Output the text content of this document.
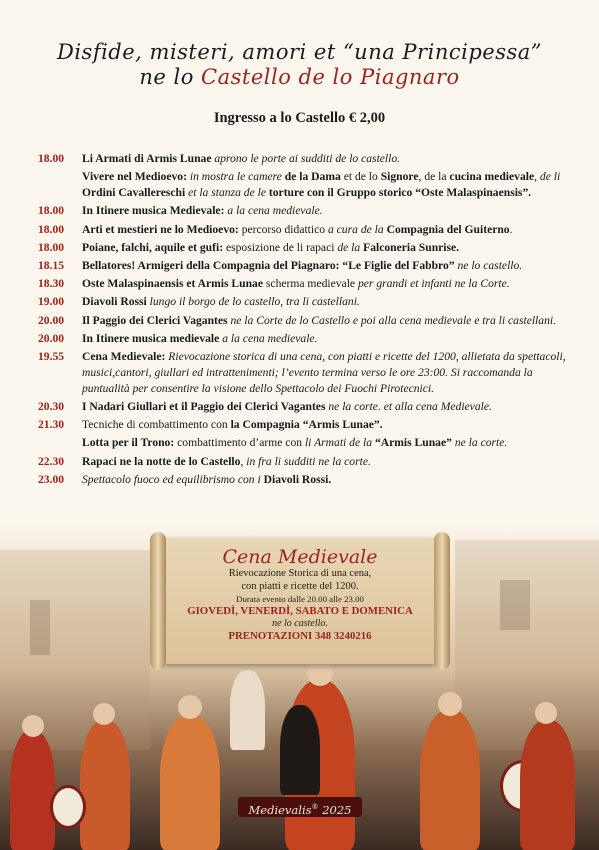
Disfide, misteri, amori et “una Principessa”
ne lo Castello de lo Piagnaro
Ingresso a lo Castello € 2,00
18.00	Li Armati di Armis Lunae aprono le porte ai sudditi de lo castello.
Vivere nel Medioevo: in mostra le camere de la Dama et de lo Signore, de la cucina medievale, de li Ordini Cavallereschi et la stanza de le torture con il Gruppo storico “Oste Malaspinaensis”.
18.00	In Itinere musica Medievale: a la cena medievale.
18.00	Arti et mestieri ne lo Medioevo: percorso didattico a cura de la Compagnia del Guiterno.
18.00	Poiane, falchi, aquile et gufi: esposizione de li rapaci de la Falconeria Sunrise.
18.15	Bellatores! Armigeri della Compagnia del Piagnaro: “Le Figlie del Fabbro” ne lo castello.
18.30	Oste Malaspinaensis et Armis Lunae scherma medievale per grandi et infanti ne la Corte.
19.00	Diavoli Rossi lungo il borgo de lo castello, tra li castellani.
20.00	Il Paggio dei Clerici Vagantes ne la Corte de lo Castello e poi alla cena medievale e tra li castellani.
20.00	In Itinere musica medievale a la cena medievale.
19.55	Cena Medievale: Rievocazione storica di una cena, con piatti e ricette del 1200, allietata da spettacoli, musici,cantori, giullari ed intrattenimenti; l’evento termina verso le ore 23:00. Si raccomanda la puntualità per consentire la visione dello Spettacolo dei Fuochi Pirotecnici.
20.30	I Nadari Giullari et il Paggio dei Clerici Vagantes ne la corte. et alla cena Medievale.
21.30	Tecniche di combattimento con la Compagnia “Armis Lunae”.
Lotta per il Trono: combattimento d’arme con li Armati de la “Armis Lunae” ne la corte.
22.30	Rapaci ne la notte de lo Castello, in fra li sudditi ne la corte.
23.00	Spettacolo fuoco ed equilibrismo con i Diavoli Rossi.
Cena Medievale
Rievocazione Storica di una cena,
con piatti e ricette del 1200.
Durata evento dalle 20.00 alle 23.00
GIOVEDÌ, VENERDÌ, SABATO E DOMENICA
ne lo castello.
PRENOTAZIONI 348 3240216
Medievalis® 2025
